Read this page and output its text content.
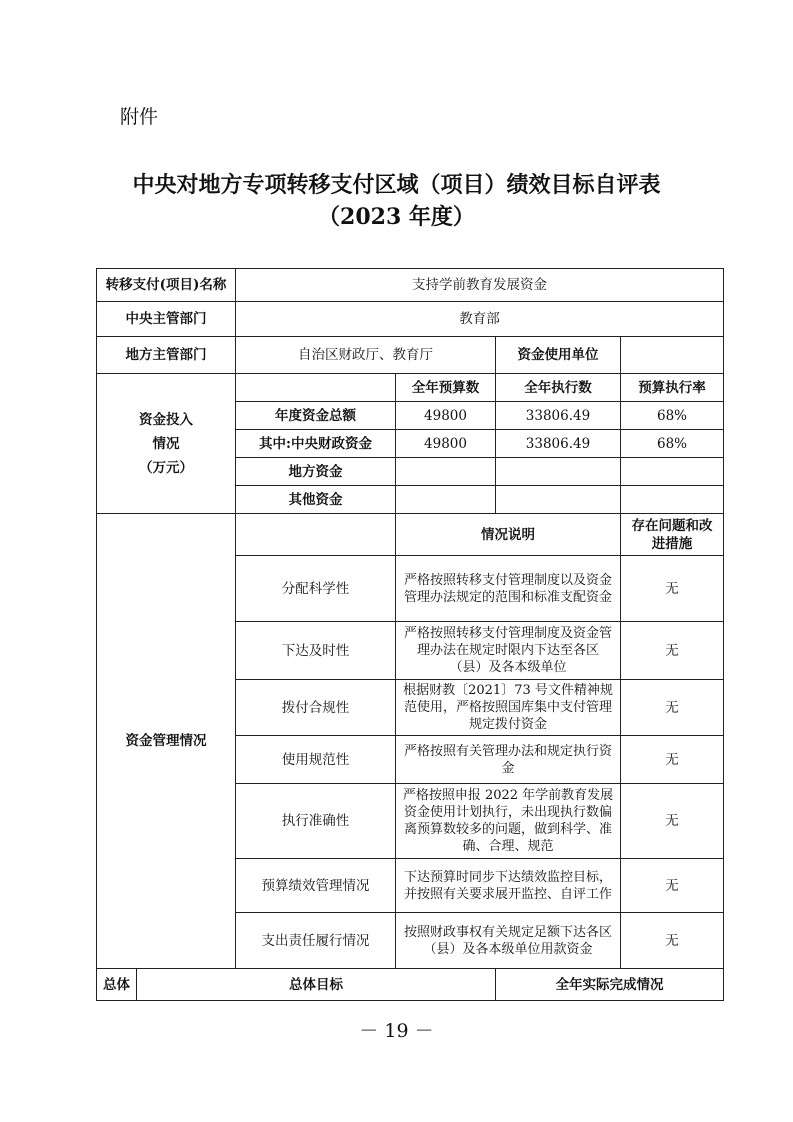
附件
中央对地方专项转移支付区域（项目）绩效目标自评表
（2023 年度）
转移支付(项目)名称		支持学前教育发展资金			
中央主管部门		教育部			
地方主管部门		自治区财政厅、教育厅		资金使用单位	

资金投入
情况
（万元）			全年预算数	全年执行数	预算执行率
		年度资金总额	49800	33806.49	68%
		其中:中央财政资金	49800	33806.49	68%
		地方资金			
		其他资金			
资金管理情况			情况说明		存在问题和改进措施
		分配科学性	严格按照转移支付管理制度以及资金管理办法规定的范围和标准支配资金		无
		下达及时性	严格按照转移支付管理制度及资金管理办法在规定时限内下达至各区（县）及各本级单位		无
		拨付合规性	根据财教〔2021〕73 号文件精神规范使用，严格按照国库集中支付管理规定拨付资金		无
		使用规范性	严格按照有关管理办法和规定执行资金		无
		执行准确性	严格按照申报 2022 年学前教育发展资金使用计划执行，未出现执行数偏离预算数较多的问题，做到科学、准确、合理、规范		无
		预算绩效管理情况	下达预算时同步下达绩效监控目标，并按照有关要求展开监控、自评工作		无
		支出责任履行情况	按照财政事权有关规定足额下达各区（县）及各本级单位用款资金		无
总体	总体目标			全年实际完成情况	
－ 19 －
